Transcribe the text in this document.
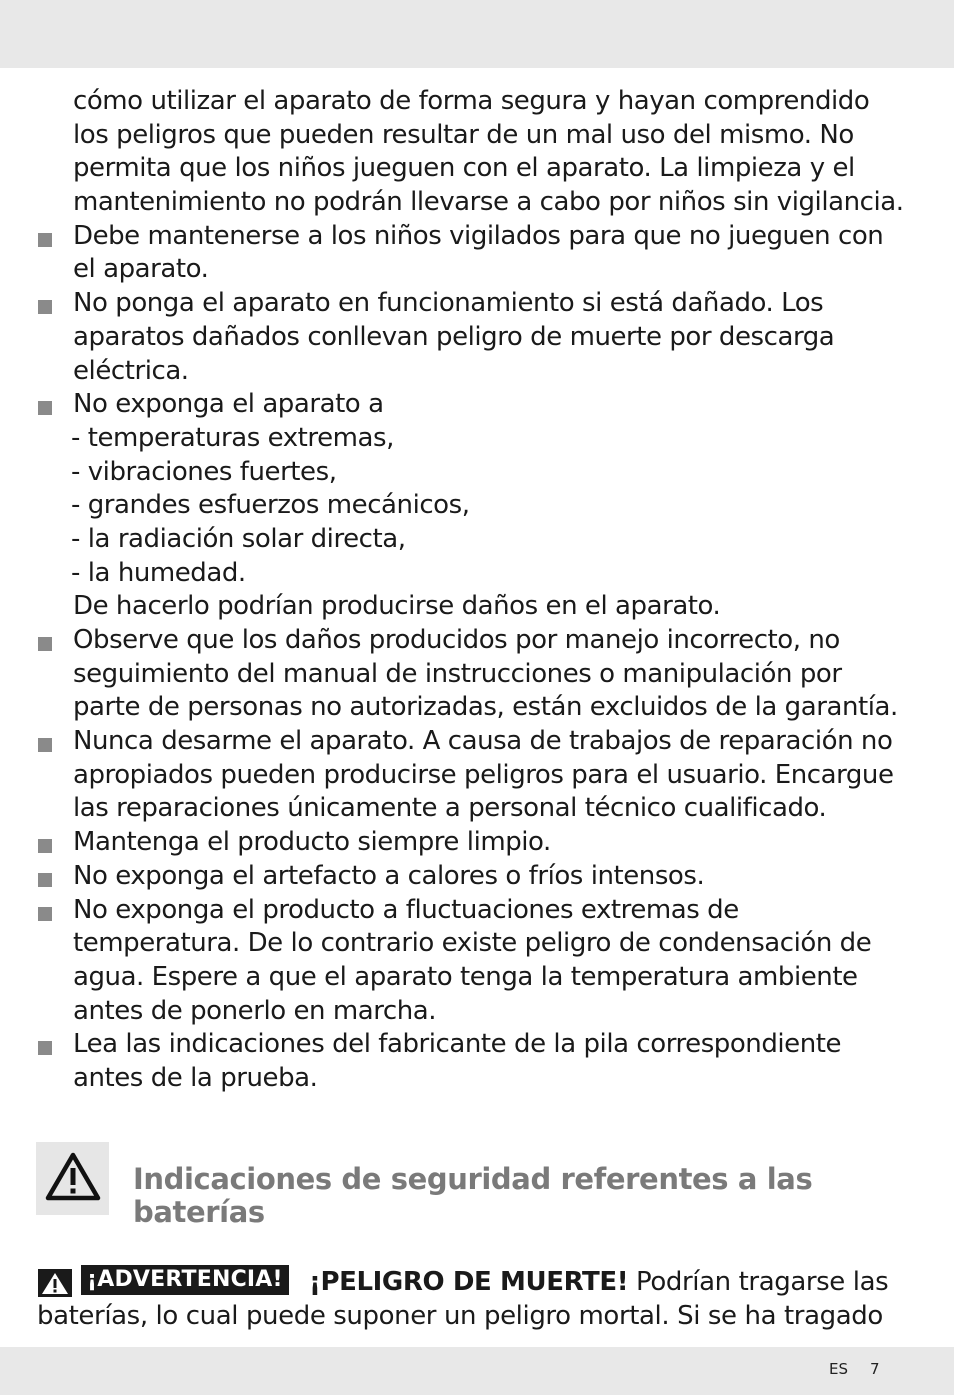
cómo utilizar el aparato de forma segura y hayan comprendido
los peligros que pueden resultar de un mal uso del mismo. No
permita que los niños jueguen con el aparato. La limpieza y el
mantenimiento no podrán llevarse a cabo por niños sin vigilancia.
Debe mantenerse a los niños vigilados para que no jueguen con
el aparato.
No ponga el aparato en funcionamiento si está dañado. Los
aparatos dañados conllevan peligro de muerte por descarga
eléctrica.
No exponga el aparato a
- temperaturas extremas,
- vibraciones fuertes,
- grandes esfuerzos mecánicos,
- la radiación solar directa,
- la humedad.
De hacerlo podrían producirse daños en el aparato.
Observe que los daños producidos por manejo incorrecto, no
seguimiento del manual de instrucciones o manipulación por
parte de personas no autorizadas, están excluidos de la garantía.
Nunca desarme el aparato. A causa de trabajos de reparación no
apropiados pueden producirse peligros para el usuario. Encargue
las reparaciones únicamente a personal técnico cualificado.
Mantenga el producto siempre limpio.
No exponga el artefacto a calores o fríos intensos.
No exponga el producto a fluctuaciones extremas de
temperatura. De lo contrario existe peligro de condensación de
agua. Espere a que el aparato tenga la temperatura ambiente
antes de ponerlo en marcha.
Lea las indicaciones del fabricante de la pila correspondiente
antes de la prueba.
Indicaciones de seguridad referentes a las
baterías
¡ADVERTENCIA! ¡PELIGRO DE MUERTE! Podrían tragarse las
baterías, lo cual puede suponer un peligro mortal. Si se ha tragado
ES 7
